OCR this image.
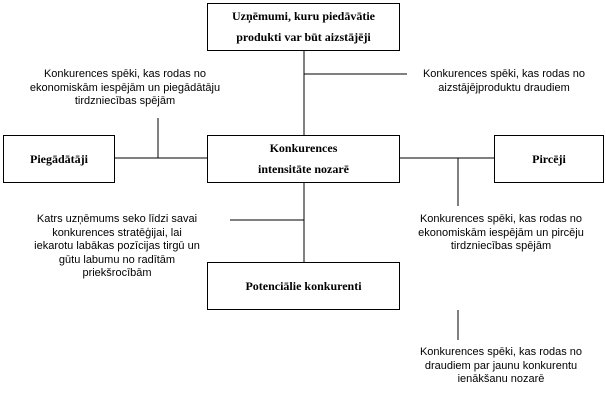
Uzņēmumi, kuru piedāvātie
produkti var būt aizstājēji
Konkurences
intensitāte nozarē
Piegādātāji	Pircēji
Potenciālie konkurenti
Konkurences spēki, kas rodas no
ekonomiskām iespējām un piegādātāju
tirdzniecības spējām
Konkurences spēki, kas rodas no
aizstājējproduktu draudiem
Katrs uzņēmums seko līdzi savai
konkurences stratēģijai, lai
iekarotu labākas pozīcijas tirgū un
gūtu labumu no radītām
priekšrocībām
Konkurences spēki, kas rodas no
ekonomiskām iespējām un pircēju
tirdzniecības spējām
Konkurences spēki, kas rodas no
draudiem par jaunu konkurentu
ienākšanu nozarē
